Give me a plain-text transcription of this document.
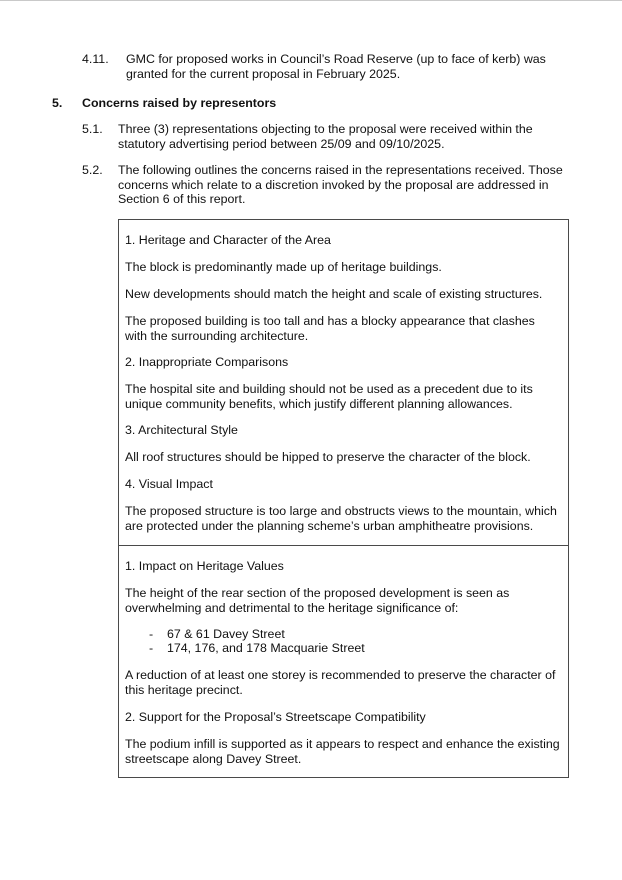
4.11. GMC for proposed works in Council’s Road Reserve (up to face of kerb) was
granted for the current proposal in February 2025.
5. Concerns raised by representors
5.1. Three (3) representations objecting to the proposal were received within the
statutory advertising period between 25/09 and 09/10/2025.
5.2. The following outlines the concerns raised in the representations received. Those
concerns which relate to a discretion invoked by the proposal are addressed in
Section 6 of this report.
1. Heritage and Character of the Area
The block is predominantly made up of heritage buildings.
New developments should match the height and scale of existing structures.
The proposed building is too tall and has a blocky appearance that clashes
with the surrounding architecture.
2. Inappropriate Comparisons
The hospital site and building should not be used as a precedent due to its
unique community benefits, which justify different planning allowances.
3. Architectural Style
All roof structures should be hipped to preserve the character of the block.
4. Visual Impact
The proposed structure is too large and obstructs views to the mountain, which
are protected under the planning scheme’s urban amphitheatre provisions.
1. Impact on Heritage Values
The height of the rear section of the proposed development is seen as
overwhelming and detrimental to the heritage significance of:
- 67 & 61 Davey Street
- 174, 176, and 178 Macquarie Street
A reduction of at least one storey is recommended to preserve the character of
this heritage precinct.
2. Support for the Proposal’s Streetscape Compatibility
The podium infill is supported as it appears to respect and enhance the existing
streetscape along Davey Street.
